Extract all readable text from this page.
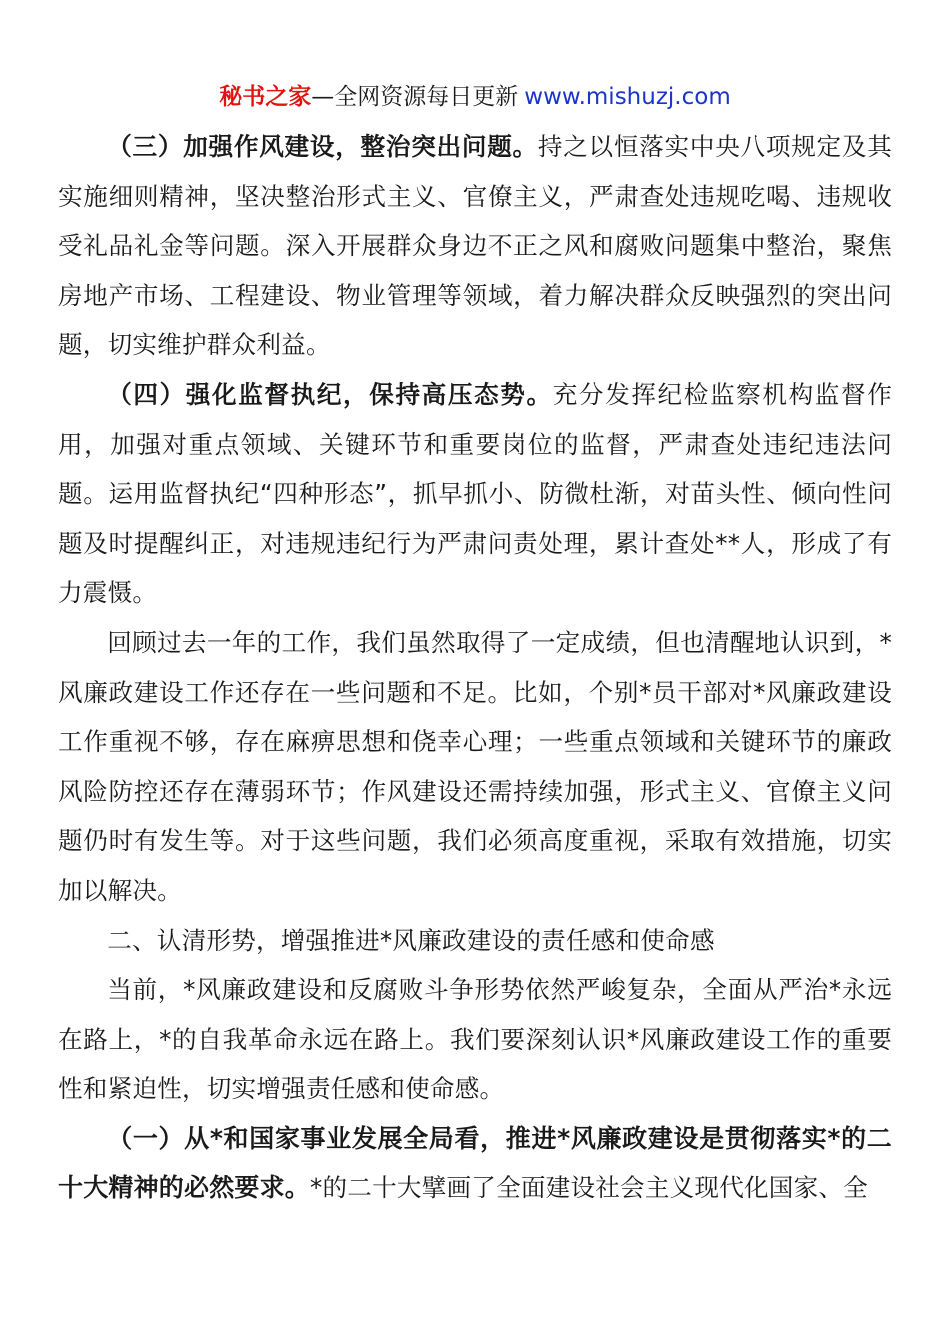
秘书之家—全网资源每日更新 www.mishuzj.com

（三）加强作风建设，整治突出问题。持之以恒落实中央八项规定及其实施细则精神，坚决整治形式主义、官僚主义，严肃查处违规吃喝、违规收受礼品礼金等问题。深入开展群众身边不正之风和腐败问题集中整治，聚焦房地产市场、工程建设、物业管理等领域，着力解决群众反映强烈的突出问题，切实维护群众利益。

（四）强化监督执纪，保持高压态势。充分发挥纪检监察机构监督作用，加强对重点领域、关键环节和重要岗位的监督，严肃查处违纪违法问题。运用监督执纪“四种形态”，抓早抓小、防微杜渐，对苗头性、倾向性问题及时提醒纠正，对违规违纪行为严肃问责处理，累计查处**人，形成了有力震慑。

回顾过去一年的工作，我们虽然取得了一定成绩，但也清醒地认识到，*风廉政建设工作还存在一些问题和不足。比如，个别*员干部对*风廉政建设工作重视不够，存在麻痹思想和侥幸心理；一些重点领域和关键环节的廉政风险防控还存在薄弱环节；作风建设还需持续加强，形式主义、官僚主义问题仍时有发生等。对于这些问题，我们必须高度重视，采取有效措施，切实加以解决。

二、认清形势，增强推进*风廉政建设的责任感和使命感

当前，*风廉政建设和反腐败斗争形势依然严峻复杂，全面从严治*永远在路上，*的自我革命永远在路上。我们要深刻认识*风廉政建设工作的重要性和紧迫性，切实增强责任感和使命感。

（一）从*和国家事业发展全局看，推进*风廉政建设是贯彻落实*的二十大精神的必然要求。*的二十大擘画了全面建设社会主义现代化国家、全
